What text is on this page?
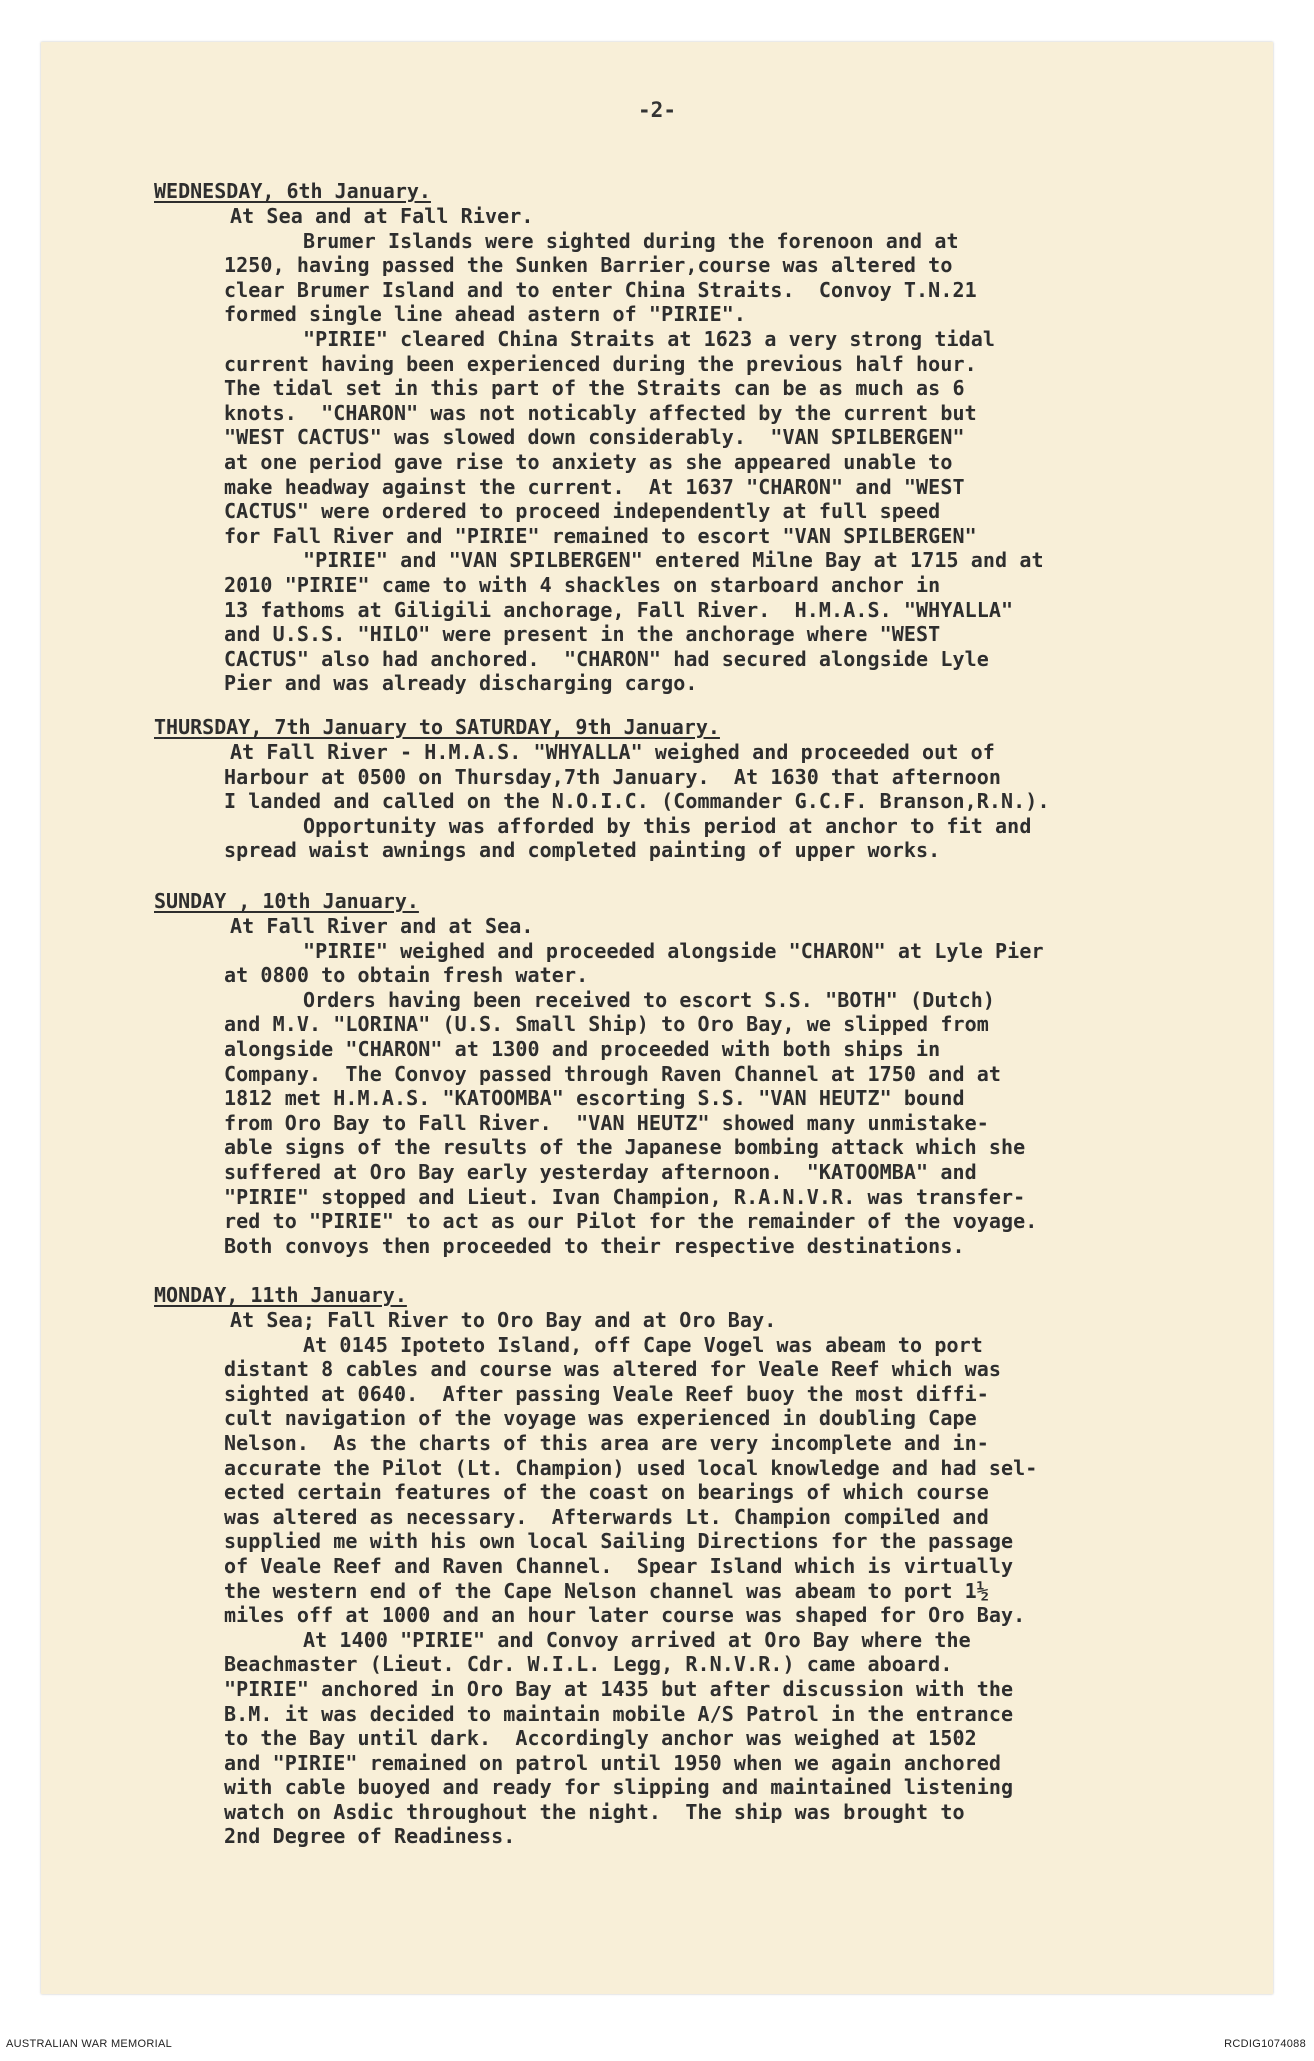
-2-
WEDNESDAY, 6th January.
At Sea and at Fall River.
Brumer Islands were sighted during the forenoon and at
1250, having passed the Sunken Barrier,course was altered to
clear Brumer Island and to enter China Straits.  Convoy T.N.21
formed single line ahead astern of "PIRIE".
"PIRIE" cleared China Straits at 1623 a very strong tidal
current having been experienced during the previous half hour.
The tidal set in this part of the Straits can be as much as 6
knots.  "CHARON" was not noticably affected by the current but
"WEST CACTUS" was slowed down considerably.  "VAN SPILBERGEN"
at one period gave rise to anxiety as she appeared unable to
make headway against the current.  At 1637 "CHARON" and "WEST
CACTUS" were ordered to proceed independently at full speed
for Fall River and "PIRIE" remained to escort "VAN SPILBERGEN"
"PIRIE" and "VAN SPILBERGEN" entered Milne Bay at 1715 and at
2010 "PIRIE" came to with 4 shackles on starboard anchor in
13 fathoms at Giligili anchorage, Fall River.  H.M.A.S. "WHYALLA"
and U.S.S. "HILO" were present in the anchorage where "WEST
CACTUS" also had anchored.  "CHARON" had secured alongside Lyle
Pier and was already discharging cargo.
THURSDAY, 7th January to SATURDAY, 9th January.
At Fall River - H.M.A.S. "WHYALLA" weighed and proceeded out of
Harbour at 0500 on Thursday,7th January.  At 1630 that afternoon
I landed and called on the N.O.I.C. (Commander G.C.F. Branson,R.N.).
Opportunity was afforded by this period at anchor to fit and
spread waist awnings and completed painting of upper works.
SUNDAY , 10th January.
At Fall River and at Sea.
"PIRIE" weighed and proceeded alongside "CHARON" at Lyle Pier
at 0800 to obtain fresh water.
Orders having been received to escort S.S. "BOTH" (Dutch)
and M.V. "LORINA" (U.S. Small Ship) to Oro Bay, we slipped from
alongside "CHARON" at 1300 and proceeded with both ships in
Company.  The Convoy passed through Raven Channel at 1750 and at
1812 met H.M.A.S. "KATOOMBA" escorting S.S. "VAN HEUTZ" bound
from Oro Bay to Fall River.  "VAN HEUTZ" showed many unmistake-
able signs of the results of the Japanese bombing attack which she
suffered at Oro Bay early yesterday afternoon.  "KATOOMBA" and
"PIRIE" stopped and Lieut. Ivan Champion, R.A.N.V.R. was transfer-
red to "PIRIE" to act as our Pilot for the remainder of the voyage.
Both convoys then proceeded to their respective destinations.
MONDAY, 11th January.
At Sea; Fall River to Oro Bay and at Oro Bay.
At 0145 Ipoteto Island, off Cape Vogel was abeam to port
distant 8 cables and course was altered for Veale Reef which was
sighted at 0640.  After passing Veale Reef buoy the most diffi-
cult navigation of the voyage was experienced in doubling Cape
Nelson.  As the charts of this area are very incomplete and in-
accurate the Pilot (Lt. Champion) used local knowledge and had sel-
ected certain features of the coast on bearings of which course
was altered as necessary.  Afterwards Lt. Champion compiled and
supplied me with his own local Sailing Directions for the passage
of Veale Reef and Raven Channel.  Spear Island which is virtually
the western end of the Cape Nelson channel was abeam to port 1½
miles off at 1000 and an hour later course was shaped for Oro Bay.
At 1400 "PIRIE" and Convoy arrived at Oro Bay where the
Beachmaster (Lieut. Cdr. W.I.L. Legg, R.N.V.R.) came aboard.
"PIRIE" anchored in Oro Bay at 1435 but after discussion with the
B.M. it was decided to maintain mobile A/S Patrol in the entrance
to the Bay until dark.  Accordingly anchor was weighed at 1502
and "PIRIE" remained on patrol until 1950 when we again anchored
with cable buoyed and ready for slipping and maintained listening
watch on Asdic throughout the night.  The ship was brought to
2nd Degree of Readiness.
AUSTRALIAN WAR MEMORIAL	RCDIG1074088
